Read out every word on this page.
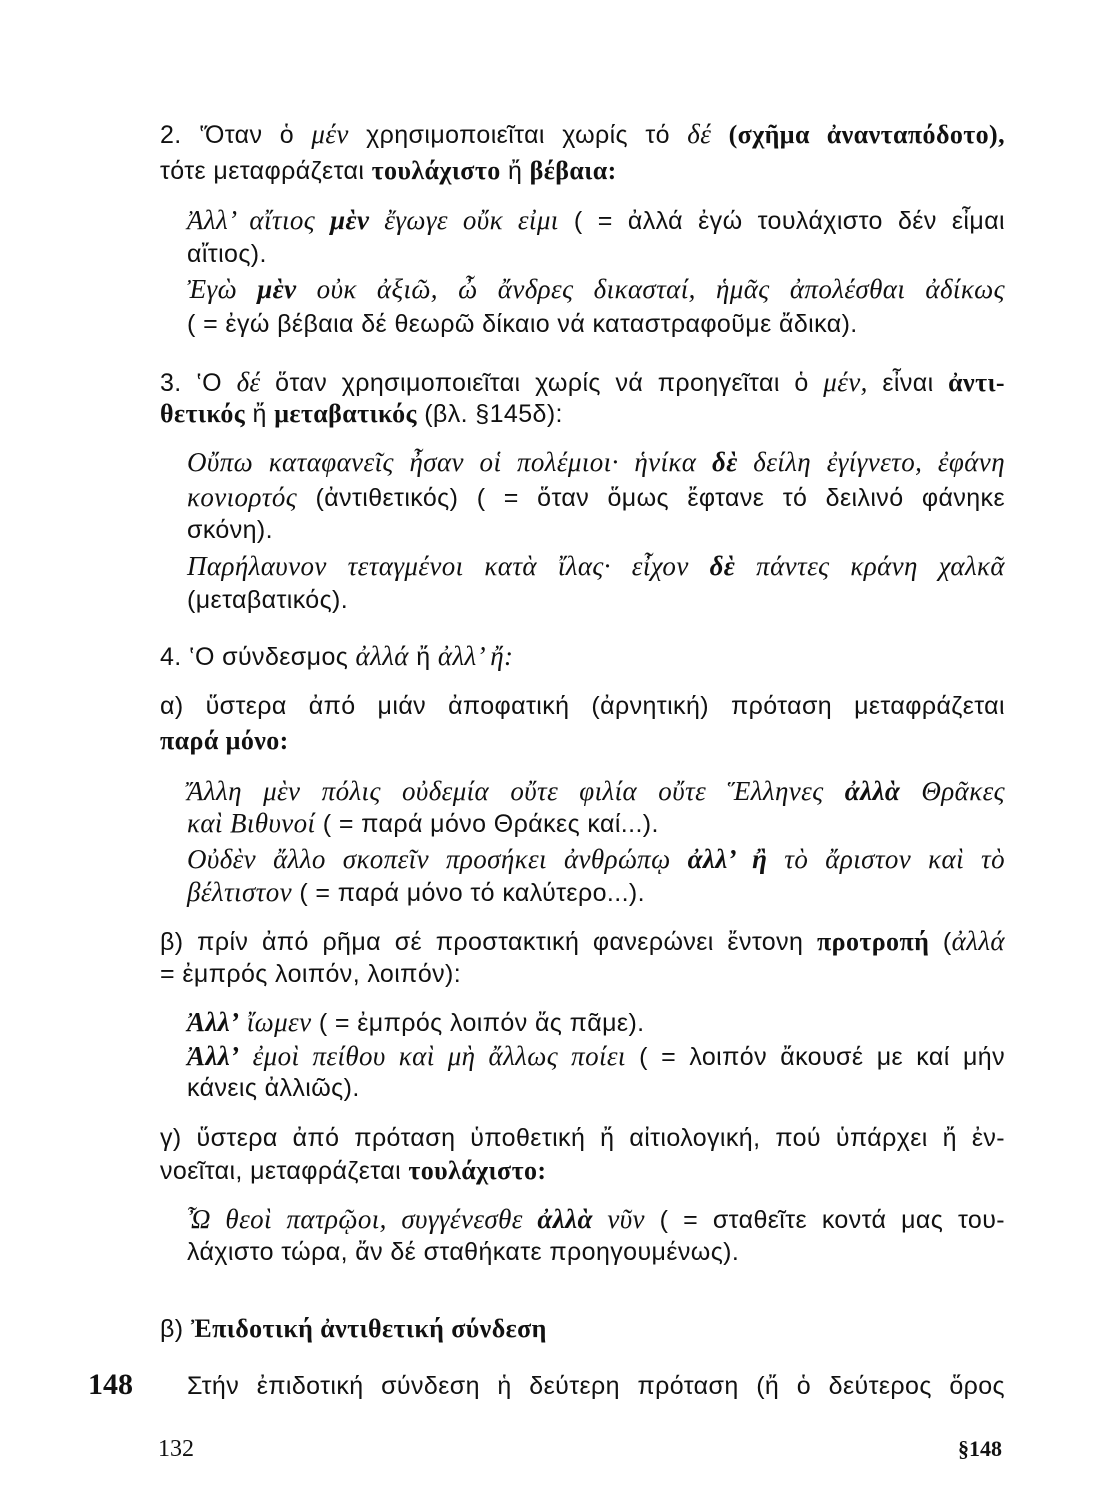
2. ‛Όταν ὁ μέν χρησιμοποιεῖται χωρίς τό δέ (σχῆμα ἀνανταπόδοτο),
τότε μεταφράζεται τουλάχιστο ἤ βέβαια:
Ἀλλ’ αἴτιος μὲν ἔγωγε οὔκ εἰμι ( = ἀλλά ἐγώ τουλάχιστο δέν εἶμαι
αἴτιος).
Ἐγὼ μὲν οὐκ ἀξιῶ, ὦ ἄνδρες δικασταί, ἡμᾶς ἀπολέσθαι ἀδίκως
( = ἐγώ βέβαια δέ θεωρῶ δίκαιο νά καταστραφοῦμε ἄδικα).
3. ‛Ο δέ ὅταν χρησιμοποιεῖται χωρίς νά προηγεῖται ὁ μέν, εἶναι ἀντι-
θετικός ἤ μεταβατικός (βλ. §145δ):
Οὔπω καταφανεῖς ἦσαν οἱ πολέμιοι· ἡνίκα δὲ δείλη ἐγίγνετο, ἐφάνη
κονιορτός (ἀντιθετικός) ( = ὅταν ὅμως ἔφτανε τό δειλινό φάνηκε
σκόνη).
Παρήλαυνον τεταγμένοι κατὰ ἴλας· εἶχον δὲ πάντες κράνη χαλκᾶ
(μεταβατικός).
4. ‛Ο σύνδεσμος ἀλλά ἤ ἀλλ’ ἤ:
α) ὕστερα ἀπό μιάν ἀποφατική (ἀρνητική) πρόταση μεταφράζεται
παρά μόνο:
Ἄλλη μὲν πόλις οὐδεμία οὔτε φιλία οὔτε Ἕλληνες ἀλλὰ Θρᾶκες
καὶ Βιθυνοί ( = παρά μόνο Θράκες καί...).
Οὐδὲν ἄλλο σκοπεῖν προσήκει ἀνθρώπῳ ἀλλ’ ἢ τὸ ἄριστον καὶ τὸ
βέλτιστον ( = παρά μόνο τό καλύτερο...).
β) πρίν ἀπό ρῆμα σέ προστακτική φανερώνει ἔντονη προτροπή (ἀλλά
= ἐμπρός λοιπόν, λοιπόν):
Ἀλλ’ ἴωμεν ( = ἐμπρός λοιπόν ἄς πᾶμε).
Ἀλλ’ ἐμοὶ πείθου καὶ μὴ ἄλλως ποίει ( = λοιπόν ἄκουσέ με καί μήν
κάνεις ἀλλιῶς).
γ) ὕστερα ἀπό πρόταση ὑποθετική ἤ αἰτιολογική, πού ὑπάρχει ἤ ἐν-
νοεῖται, μεταφράζεται τουλάχιστο:
Ὦ θεοὶ πατρῷοι, συγγένεσθε ἀλλὰ νῦν ( = σταθεῖτε κοντά μας του-
λάχιστο τώρα, ἄν δέ σταθήκατε προηγουμένως).
β) Ἐπιδοτική ἀντιθετική σύνδεση
148 Στήν ἐπιδοτική σύνδεση ἡ δεύτερη πρόταση (ἤ ὁ δεύτερος ὅρος
132	§148
